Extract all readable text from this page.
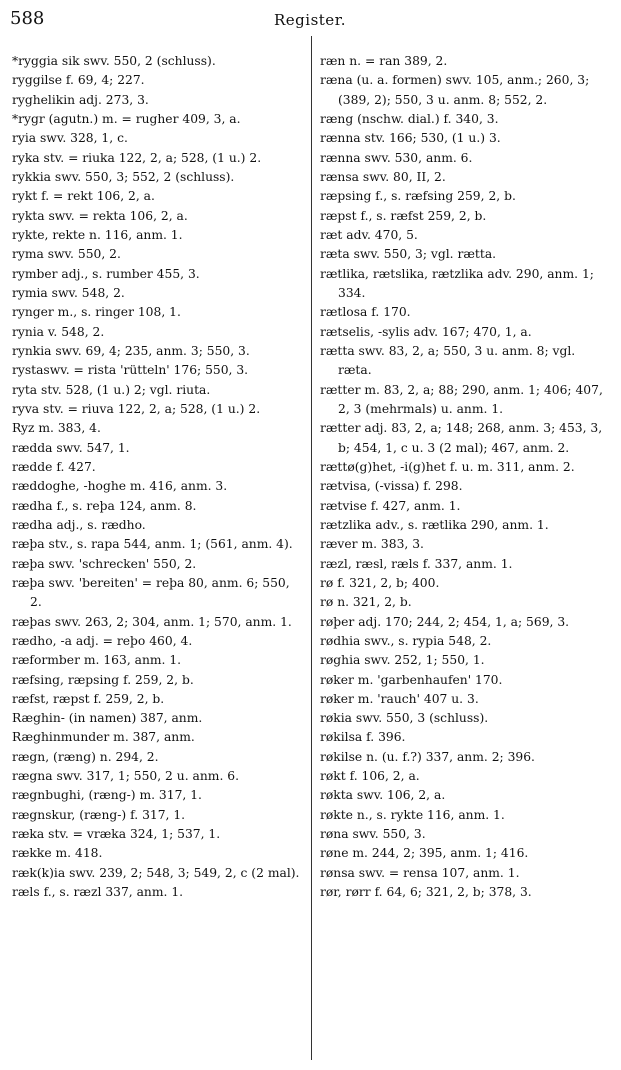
588	Register.
*ryggia sik swv. 550, 2 (schluss).
ryggilse f. 69, 4; 227.
ryghelikin adj. 273, 3.
*rygr (agutn.) m. = rugher 409, 3, a.
ryia swv. 328, 1, c.
ryka stv. = riuka 122, 2, a; 528, (1 u.) 2.
rykkia swv. 550, 3; 552, 2 (schluss).
rykt f. = rekt 106, 2, a.
rykta swv. = rekta 106, 2, a.
rykte, rekte n. 116, anm. 1.
ryma swv. 550, 2.
rymber adj., s. rumber 455, 3.
rymia swv. 548, 2.
rynger m., s. ringer 108, 1.
rynia v. 548, 2.
rynkia swv. 69, 4; 235, anm. 3; 550, 3.
rystaswv. = rista 'rütteln' 176; 550, 3.
ryta stv. 528, (1 u.) 2; vgl. riuta.
ryva stv. = riuva 122, 2, a; 528, (1 u.) 2.
Ryz m. 383, 4.
rædda swv. 547, 1.
rædde f. 427.
ræddoghe, -hoghe m. 416, anm. 3.
rædha f., s. reþa 124, anm. 8.
rædha adj., s. rædho.
ræþa stv., s. rapa 544, anm. 1; (561, anm. 4).
ræþa swv. 'schrecken' 550, 2.
ræþa swv. 'bereiten' = reþa 80, anm. 6; 550, 2.
ræþas swv. 263, 2; 304, anm. 1; 570, anm. 1.
rædho, -a adj. = reþo 460, 4.
ræformber m. 163, anm. 1.
ræfsing, ræpsing f. 259, 2, b.
ræfst, ræpst f. 259, 2, b.
Ræghin- (in namen) 387, anm.
Ræghinmunder m. 387, anm.
rægn, (ræng) n. 294, 2.
rægna swv. 317, 1; 550, 2 u. anm. 6.
rægnbughi, (ræng-) m. 317, 1.
rægnskur, (ræng-) f. 317, 1.
ræka stv. = vræka 324, 1; 537, 1.
række m. 418.
ræk(k)ia swv. 239, 2; 548, 3; 549, 2, c (2 mal).
ræls f., s. ræzl 337, anm. 1.
ræn n. = ran 389, 2.
ræna (u. a. formen) swv. 105, anm.; 260, 3; (389, 2); 550, 3 u. anm. 8; 552, 2.
ræng (nschw. dial.) f. 340, 3.
rænna stv. 166; 530, (1 u.) 3.
rænna swv. 530, anm. 6.
rænsa swv. 80, II, 2.
ræpsing f., s. ræfsing 259, 2, b.
ræpst f., s. ræfst 259, 2, b.
ræt adv. 470, 5.
ræta swv. 550, 3; vgl. rætta.
rætlika, rætslika, rætzlika adv. 290, anm. 1; 334.
rætlosa f. 170.
rætselis, -sylis adv. 167; 470, 1, a.
rætta swv. 83, 2, a; 550, 3 u. anm. 8; vgl. ræta.
rætter m. 83, 2, a; 88; 290, anm. 1; 406; 407, 2, 3 (mehrmals) u. anm. 1.
rætter adj. 83, 2, a; 148; 268, anm. 3; 453, 3, b; 454, 1, c u. 3 (2 mal); 467, anm. 2.
rættø(g)het, -i(g)het f. u. m. 311, anm. 2.
rætvisa, (-vissa) f. 298.
rætvise f. 427, anm. 1.
rætzlika adv., s. rætlika 290, anm. 1.
ræver m. 383, 3.
ræzl, ræsl, ræls f. 337, anm. 1.
rø f. 321, 2, b; 400.
rø n. 321, 2, b.
røþer adj. 170; 244, 2; 454, 1, a; 569, 3.
rødhia swv., s. rypia 548, 2.
røghia swv. 252, 1; 550, 1.
røker m. 'garbenhaufen' 170.
røker m. 'rauch' 407 u. 3.
røkia swv. 550, 3 (schluss).
røkilsa f. 396.
røkilse n. (u. f.?) 337, anm. 2; 396.
røkt f. 106, 2, a.
røkta swv. 106, 2, a.
røkte n., s. rykte 116, anm. 1.
røna swv. 550, 3.
røne m. 244, 2; 395, anm. 1; 416.
rønsa swv. = rensa 107, anm. 1.
rør, rørr f. 64, 6; 321, 2, b; 378, 3.
